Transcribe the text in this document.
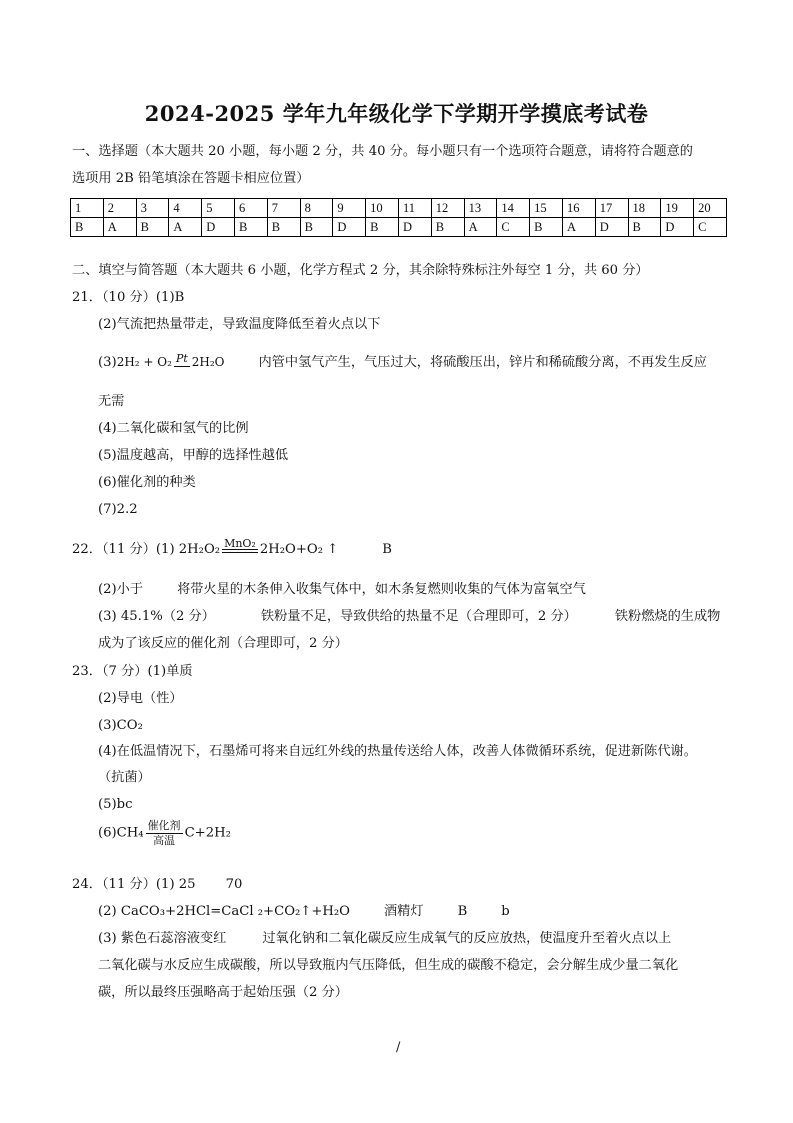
2024-2025 学年九年级化学下学期开学摸底考试卷
一、选择题（本大题共 20 小题，每小题 2 分，共 40 分。每小题只有一个选项符合题意，请将符合题意的
选项用 2B 铅笔填涂在答题卡相应位置）
1	2	3	4	5	6	7	8	9	10	11	12	13	14	15	16	17	18	19	20
B	A	B	A	D	B	B	B	D	B	D	B	A	C	B	A	D	B	D	C
二、填空与简答题（本大题共 6 小题，化学方程式 2 分，其余除特殊标注外每空 1 分，共 60 分）
21．（10 分）(1)B
(2)气流把热量带走，导致温度降低至着火点以下
(3)2H₂ + O₂ Pt 2H₂O	内管中氢气产生，气压过大，将硫酸压出，锌片和稀硫酸分离，不再发生反应
无需
(4)二氧化碳和氢气的比例
(5)温度越高，甲醇的选择性越低
(6)催化剂的种类
(7)2.2
22．（11 分）(1) 2H₂O₂ MnO₂ 2H₂O+O₂ ↑	B
(2)小于	将带火星的木条伸入收集气体中，如木条复燃则收集的气体为富氧空气
(3) 45.1%（2 分）	铁粉量不足，导致供给的热量不足（合理即可，2 分）	铁粉燃烧的生成物
成为了该反应的催化剂（合理即可，2 分）
23．（7 分）(1)单质
(2)导电（性）
(3)CO₂
(4)在低温情况下，石墨烯可将来自远红外线的热量传送给人体，改善人体微循环系统，促进新陈代谢。
（抗菌）
(5)bc
$(6)CH_4 \frac{\text{催化剂}}{\text{高温}} C+2H_2$
24．（11 分）(1) 25 70
(2) CaCO₃+2HCl=CaCl ₂+CO₂↑+H₂O	酒精灯	B	b
(3) 紫色石蕊溶液变红	过氧化钠和二氧化碳反应生成氧气的反应放热，使温度升至着火点以上
二氧化碳与水反应生成碳酸，所以导致瓶内气压降低，但生成的碳酸不稳定，会分解生成少量二氧化
碳，所以最终压强略高于起始压强（2 分）
/
